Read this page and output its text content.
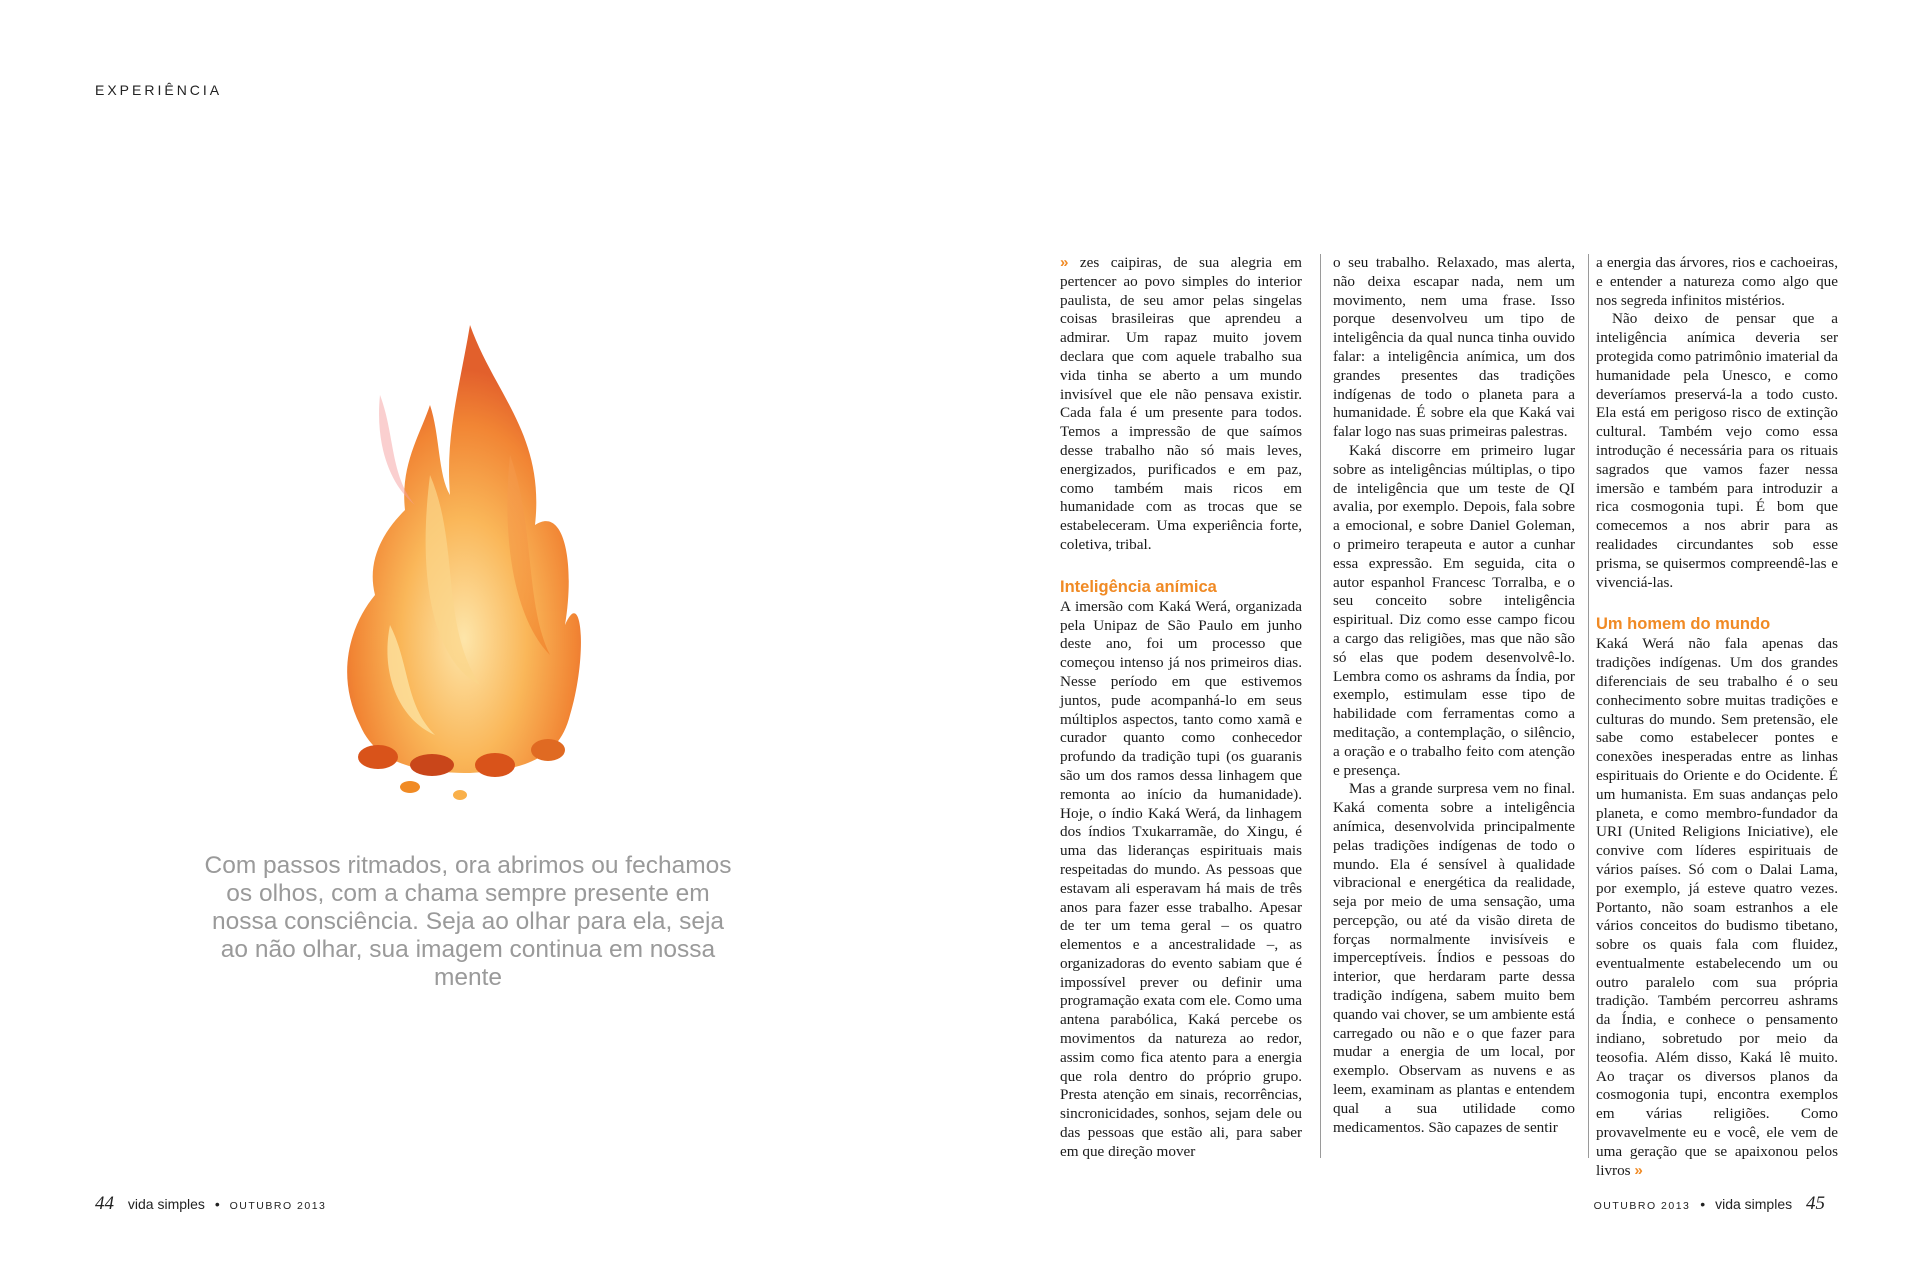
EXPERIÊNCIA
Com passos ritmados, ora abrimos ou fechamos os olhos, com a chama sempre presente em nossa consciência. Seja ao olhar para ela, seja ao não olhar, sua imagem continua em nossa mente

» zes caipiras, de sua alegria em pertencer ao povo simples do interior paulista, de seu amor pelas singelas coisas brasileiras que aprendeu a admirar. Um rapaz muito jovem declara que com aquele trabalho sua vida tinha se aberto a um mundo invisível que ele não pensava existir. Cada fala é um presente para todos. Temos a impressão de que saímos desse trabalho não só mais leves, energizados, purificados e em paz, como também mais ricos em humanidade com as trocas que se estabeleceram. Uma experiência forte, coletiva, tribal.

Inteligência anímica

A imersão com Kaká Werá, organizada pela Unipaz de São Paulo em junho deste ano, foi um processo que começou intenso já nos primeiros dias. Nesse período em que estivemos juntos, pude acompanhá-lo em seus múltiplos aspectos, tanto como xamã e curador quanto como conhecedor profundo da tradição tupi (os guaranis são um dos ramos dessa linhagem que remonta ao início da humanidade). Hoje, o índio Kaká Werá, da linhagem dos índios Txukarramãe, do Xingu, é uma das lideranças espirituais mais respeitadas do mundo. As pessoas que estavam ali esperavam há mais de três anos para fazer esse trabalho. Apesar de ter um tema geral – os quatro elementos e a ancestralidade –, as organizadoras do evento sabiam que é impossível prever ou definir uma programação exata com ele. Como uma antena parabólica, Kaká percebe os movimentos da natureza ao redor, assim como fica atento para a energia que rola dentro do próprio grupo. Presta atenção em sinais, recorrências, sincronicidades, sonhos, sejam dele ou das pessoas que estão ali, para saber em que direção mover

o seu trabalho. Relaxado, mas alerta, não deixa escapar nada, nem um movimento, nem uma frase. Isso porque desenvolveu um tipo de inteligência da qual nunca tinha ouvido falar: a inteligência anímica, um dos grandes presentes das tradições indígenas de todo o planeta para a humanidade. É sobre ela que Kaká vai falar logo nas suas primeiras palestras.

Kaká discorre em primeiro lugar sobre as inteligências múltiplas, o tipo de inteligência que um teste de QI avalia, por exemplo. Depois, fala sobre a emocional, e sobre Daniel Goleman, o primeiro terapeuta e autor a cunhar essa expressão. Em seguida, cita o autor espanhol Francesc Torralba, e o seu conceito sobre inteligência espiritual. Diz como esse campo ficou a cargo das religiões, mas que não são só elas que podem desenvolvê-lo. Lembra como os ashrams da Índia, por exemplo, estimulam esse tipo de habilidade com ferramentas como a meditação, a contemplação, o silêncio, a oração e o trabalho feito com atenção e presença.

Mas a grande surpresa vem no final. Kaká comenta sobre a inteligência anímica, desenvolvida principalmente pelas tradições indígenas de todo o mundo. Ela é sensível à qualidade vibracional e energética da realidade, seja por meio de uma sensação, uma percepção, ou até da visão direta de forças normalmente invisíveis e imperceptíveis. Índios e pessoas do interior, que herdaram parte dessa tradição indígena, sabem muito bem quando vai chover, se um ambiente está carregado ou não e o que fazer para mudar a energia de um local, por exemplo. Observam as nuvens e as leem, examinam as plantas e entendem qual a sua utilidade como medicamentos. São capazes de sentir

a energia das árvores, rios e cachoeiras, e entender a natureza como algo que nos segreda infinitos mistérios.

Não deixo de pensar que a inteligência anímica deveria ser protegida como patrimônio imaterial da humanidade pela Unesco, e como deveríamos preservá-la a todo custo. Ela está em perigoso risco de extinção cultural. Também vejo como essa introdução é necessária para os rituais sagrados que vamos fazer nessa imersão e também para introduzir a rica cosmogonia tupi. É bom que comecemos a nos abrir para as realidades circundantes sob esse prisma, se quisermos compreendê-las e vivenciá-las.

Um homem do mundo

Kaká Werá não fala apenas das tradições indígenas. Um dos grandes diferenciais de seu trabalho é o seu conhecimento sobre muitas tradições e culturas do mundo. Sem pretensão, ele sabe como estabelecer pontes e conexões inesperadas entre as linhas espirituais do Oriente e do Ocidente. É um humanista. Em suas andanças pelo planeta, e como membro-fundador da URI (United Religions Iniciative), ele convive com líderes espirituais de vários países. Só com o Dalai Lama, por exemplo, já esteve quatro vezes. Portanto, não soam estranhos a ele vários conceitos do budismo tibetano, sobre os quais fala com fluidez, eventualmente estabelecendo um ou outro paralelo com sua própria tradição. Também percorreu ashrams da Índia, e conhece o pensamento indiano, sobretudo por meio da teosofia. Além disso, Kaká lê muito. Ao traçar os diversos planos da cosmogonia tupi, encontra exemplos em várias religiões. Como provavelmente eu e você, ele vem de uma geração que se apaixonou pelos livros »

44 vida simples • OUTUBRO 2013	OUTUBRO 2013 • vida simples 45
